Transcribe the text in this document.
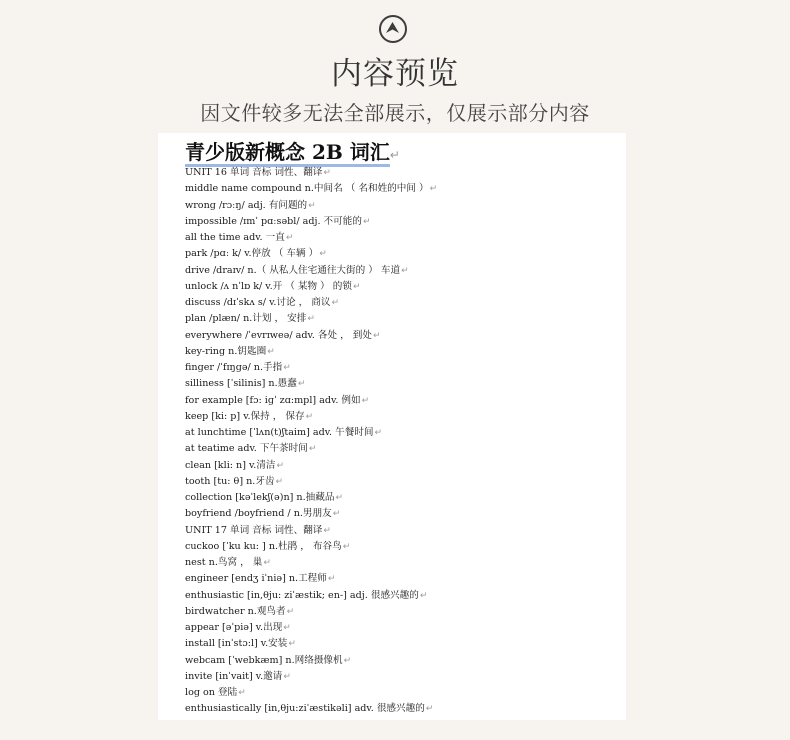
内容预览
因文件较多无法全部展示，仅展示部分内容
青少版新概念 2B 词汇↵
UNIT 16 单词 音标 词性、翻译↵
middle name compound n.中间名 （ 名和姓的中间 ）↵
wrong /rɔːŋ/ adj. 有问题的↵
impossible /ɪmˈ pɑːsəbl/ adj. 不可能的↵
all the time adv. 一直↵
park /pɑː k/ v.停放 （ 车辆 ）↵
drive /draɪv/ n.（ 从私人住宅通往大街的 ） 车道↵
unlock /ʌ nˈlɒ k/ v.开 （ 某物 ） 的锁↵
discuss /dɪˈskʌ s/ v.讨论 ， 商议↵
plan /plæn/ n.计划 ， 安排↵
everywhere /ˈevrɪweə/ adv. 各处 ， 到处↵
key-ring n.钥匙圈↵
finger /ˈfɪŋgə/ n.手指↵
silliness [ˈsilinis] n.愚蠢↵
for example [fɔ: iɡˈ zɑ:mpl] adv. 例如↵
keep [ki: p] v.保持 ， 保存↵
at lunchtime [ˈlʌn(t)ʃtaim] adv. 午餐时间↵
at teatime adv. 下午茶时间↵
clean [kli: n] v.清洁↵
tooth [tu: θ] n.牙齿↵
collection [kəˈlekʃ(ə)n] n.抽藏品↵
boyfriend /boyfriend / n.男朋友↵
UNIT 17 单词 音标 词性、翻译↵
cuckoo [ˈku ku: ] n.杜鹃 ， 布谷鸟↵
nest n.鸟窝 ， 巢↵
engineer [endʒ iˈniə] n.工程师↵
enthusiastic [in,θju: ziˈæstik; en-] adj. 很感兴趣的↵
birdwatcher n.观鸟者↵
appear [əˈpiə] v.出现↵
install [inˈstɔ:l] v.安装↵
webcam [ˈwebkæm] n.网络摄像机↵
invite [inˈvait] v.邀请↵
log on 登陆↵
enthusiastically [in,θju:ziˈæstikəli] adv. 很感兴趣的↵
